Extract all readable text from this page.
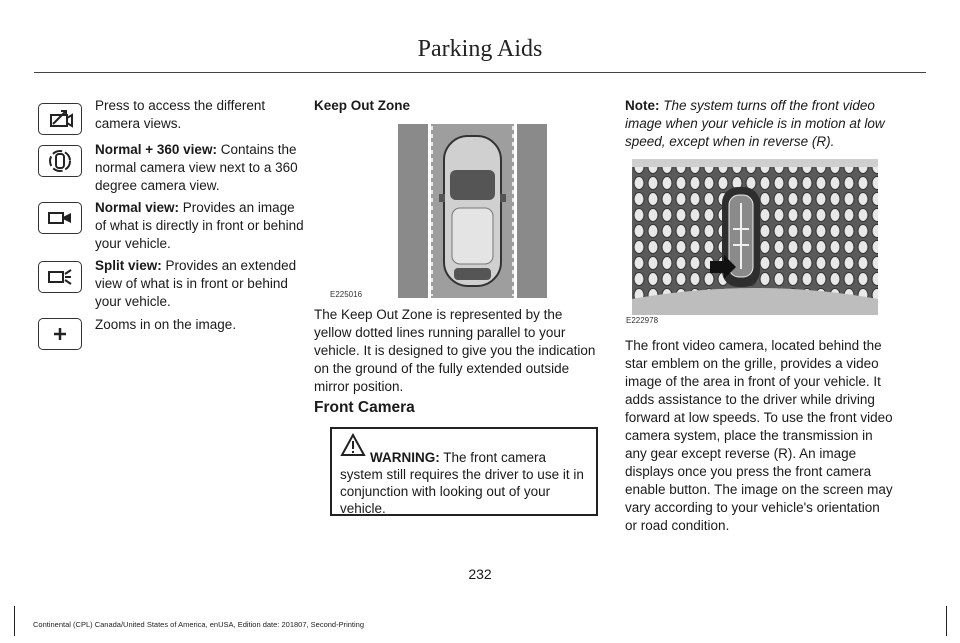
Parking Aids
Press to access the different camera views.
Normal + 360 view: Contains the normal camera view next to a 360 degree camera view.
Normal view: Provides an image of what is directly in front or behind your vehicle.
Split view: Provides an extended view of what is in front or behind your vehicle.
Zooms in on the image.
Keep Out Zone
E225016

The Keep Out Zone is represented by the yellow dotted lines running parallel to your vehicle. It is designed to give you the indication on the ground of the fully extended outside mirror position.

Front Camera
WARNING: The front camera system still requires the driver to use it in conjunction with looking out of your vehicle.

Note: The system turns off the front video image when your vehicle is in motion at low speed, except when in reverse (R).

E222978

The front video camera, located behind the star emblem on the grille, provides a video image of the area in front of your vehicle. It adds assistance to the driver while driving forward at low speeds. To use the front video camera system, place the transmission in any gear except reverse (R). An image displays once you press the front camera enable button. The image on the screen may vary according to your vehicle's orientation or road condition.

232
Continental (CPL) Canada/United States of America, enUSA, Edition date: 201807, Second-Printing
